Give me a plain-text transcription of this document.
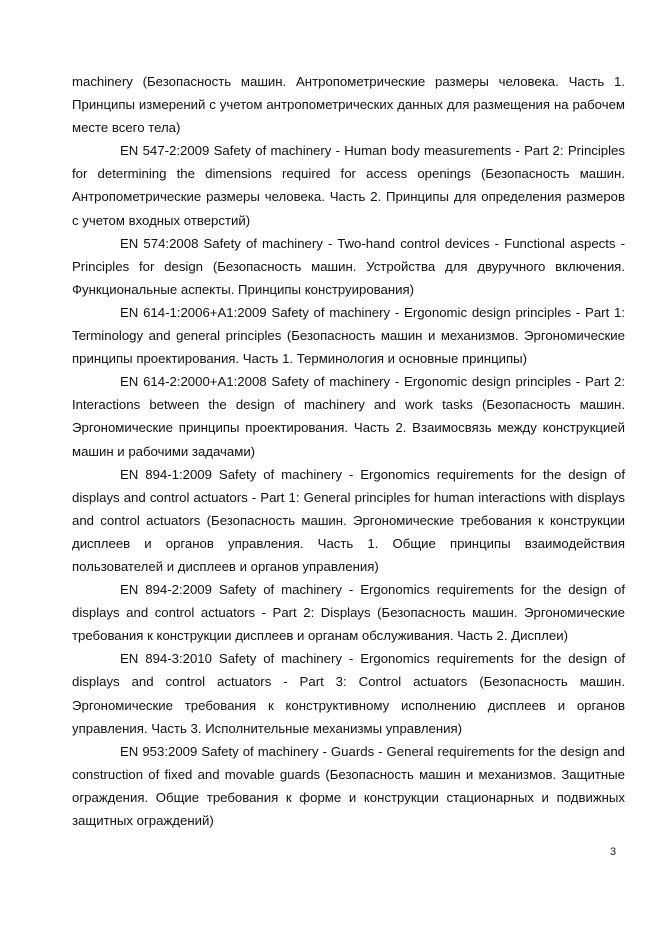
machinery (Безопасность машин. Антропометрические размеры человека. Часть 1. Принципы измерений с учетом антропометрических данных для размещения на рабочем месте всего тела)

EN 547-2:2009 Safety of machinery - Human body measurements - Part 2: Principles for determining the dimensions required for access openings (Безопасность машин. Антропометрические размеры человека. Часть 2. Принципы для определения размеров с учетом входных отверстий)

EN 574:2008 Safety of machinery - Two-hand control devices - Functional aspects - Principles for design (Безопасность машин. Устройства для двуручного включения. Функциональные аспекты. Принципы конструирования)

EN 614-1:2006+A1:2009 Safety of machinery - Ergonomic design principles - Part 1: Terminology and general principles (Безопасность машин и механизмов. Эргономические принципы проектирования. Часть 1. Терминология и основные принципы)

EN 614-2:2000+A1:2008 Safety of machinery - Ergonomic design principles - Part 2: Interactions between the design of machinery and work tasks (Безопасность машин. Эргономические принципы проектирования. Часть 2. Взаимосвязь между конструкцией машин и рабочими задачами)

EN 894-1:2009 Safety of machinery - Ergonomics requirements for the design of displays and control actuators - Part 1: General principles for human interactions with displays and control actuators (Безопасность машин. Эргономические требования к конструкции дисплеев и органов управления. Часть 1. Общие принципы взаимодействия пользователей и дисплеев и органов управления)

EN 894-2:2009 Safety of machinery - Ergonomics requirements for the design of displays and control actuators - Part 2: Displays (Безопасность машин. Эргономические требования к конструкции дисплеев и органам обслуживания. Часть 2. Дисплеи)

EN 894-3:2010 Safety of machinery - Ergonomics requirements for the design of displays and control actuators - Part 3: Control actuators (Безопасность машин. Эргономические требования к конструктивному исполнению дисплеев и органов управления. Часть 3. Исполнительные механизмы управления)

EN 953:2009 Safety of machinery - Guards - General requirements for the design and construction of fixed and movable guards (Безопасность машин и механизмов. Защитные ограждения. Общие требования к форме и конструкции стационарных и подвижных защитных ограждений)

3
